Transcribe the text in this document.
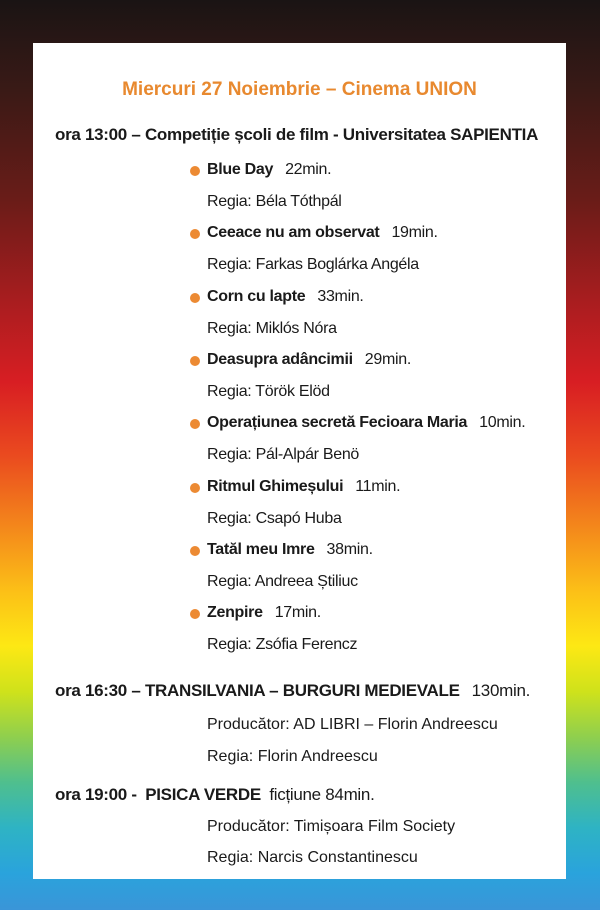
Miercuri 27 Noiembrie – Cinema UNION
ora 13:00 – Competiție școli de film - Universitatea SAPIENTIA
Blue Day 22min.
Regia: Béla Tóthpál
Ceeace nu am observat 19min.
Regia: Farkas Boglárka Angéla
Corn cu lapte 33min.
Regia: Miklós Nóra
Deasupra adâncimii 29min.
Regia: Török Elöd
Operațiunea secretă Fecioara Maria 10min.
Regia: Pál-Alpár Benö
Ritmul Ghimeșului 11min.
Regia: Csapó Huba
Tatăl meu Imre 38min.
Regia: Andreea Știliuc
Zenpire 17min.
Regia: Zsófia Ferencz
ora 16:30 – TRANSILVANIA – BURGURI MEDIEVALE 130min.
Producător: AD LIBRI – Florin Andreescu
Regia: Florin Andreescu
ora 19:00 - PISICA VERDE ficțiune 84min.
Producător: Timișoara Film Society
Regia: Narcis Constantinescu
